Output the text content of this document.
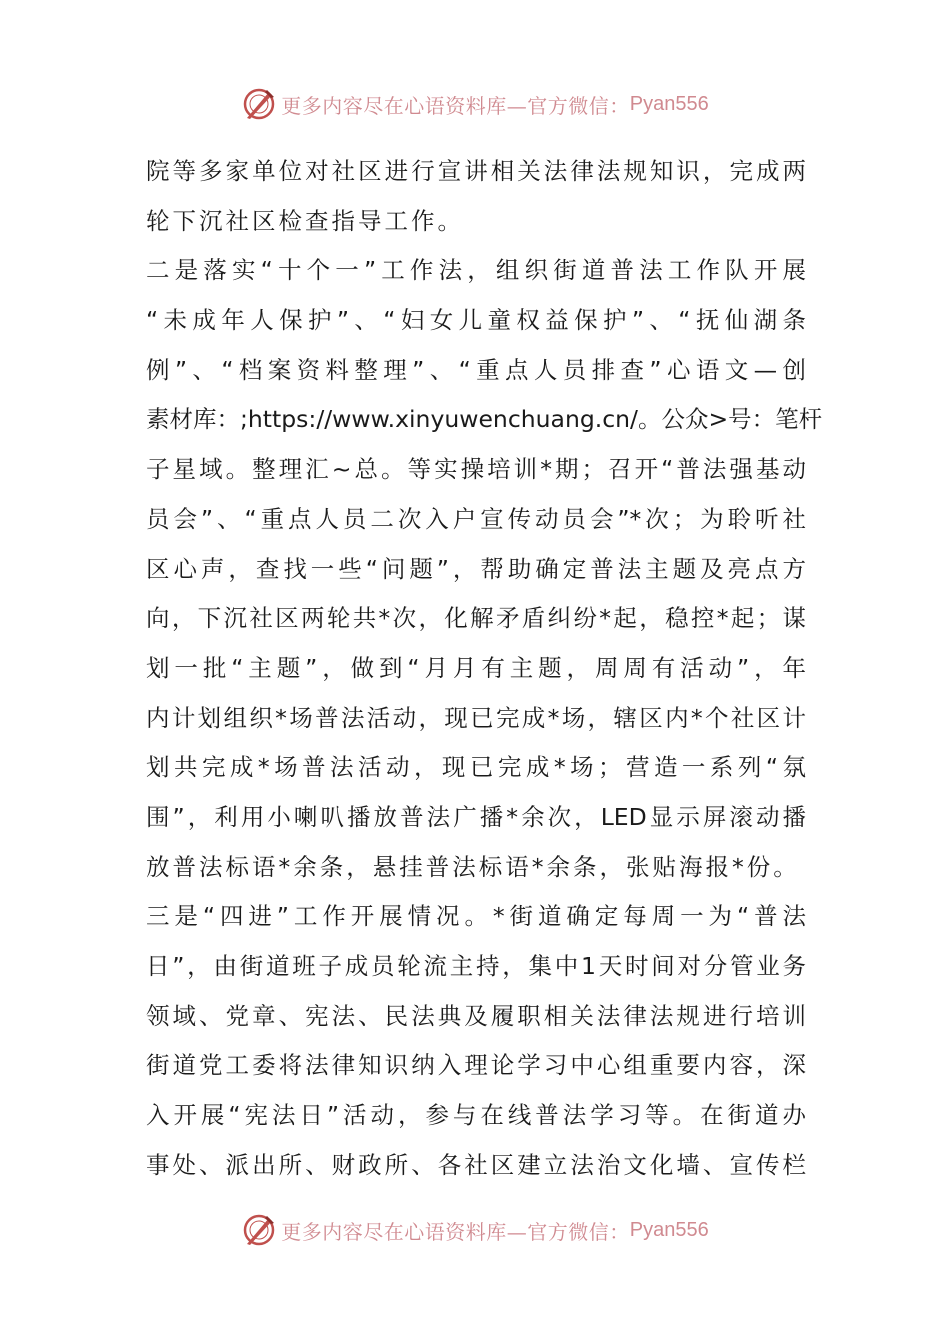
更多内容尽在心语资料库—官方微信： Pyan556
院等多家单位对社区进行宣讲相关法律法规知识，完成两
轮下沉社区检查指导工作。
二是落实“十个一”工作法，组织街道普法工作队开展
“未成年人保护”、“妇女儿童权益保护”、“抚仙湖条
例”、“档案资料整理”、“重点人员排查”心语文—创
素材库：;https://www.xinyuwenchuang.cn/。公众>号：笔杆
子星域。整理汇~总。等实操培训*期；召开“普法强基动
员会”、“重点人员二次入户宣传动员会”*次；为聆听社
区心声，查找一些“问题”，帮助确定普法主题及亮点方
向，下沉社区两轮共*次，化解矛盾纠纷*起，稳控*起；谋
划一批“主题”，做到“月月有主题，周周有活动”，年
内计划组织*场普法活动，现已完成*场，辖区内*个社区计
划共完成*场普法活动，现已完成*场；营造一系列“氛
围”，利用小喇叭播放普法广播*余次，LED显示屏滚动播
放普法标语*余条，悬挂普法标语*余条，张贴海报*份。
三是“四进”工作开展情况。*街道确定每周一为“普法
日”，由街道班子成员轮流主持，集中1天时间对分管业务
领域、党章、宪法、民法典及履职相关法律法规进行培训
街道党工委将法律知识纳入理论学习中心组重要内容，深
入开展“宪法日”活动，参与在线普法学习等。在街道办
事处、派出所、财政所、各社区建立法治文化墙、宣传栏
更多内容尽在心语资料库—官方微信： Pyan556
